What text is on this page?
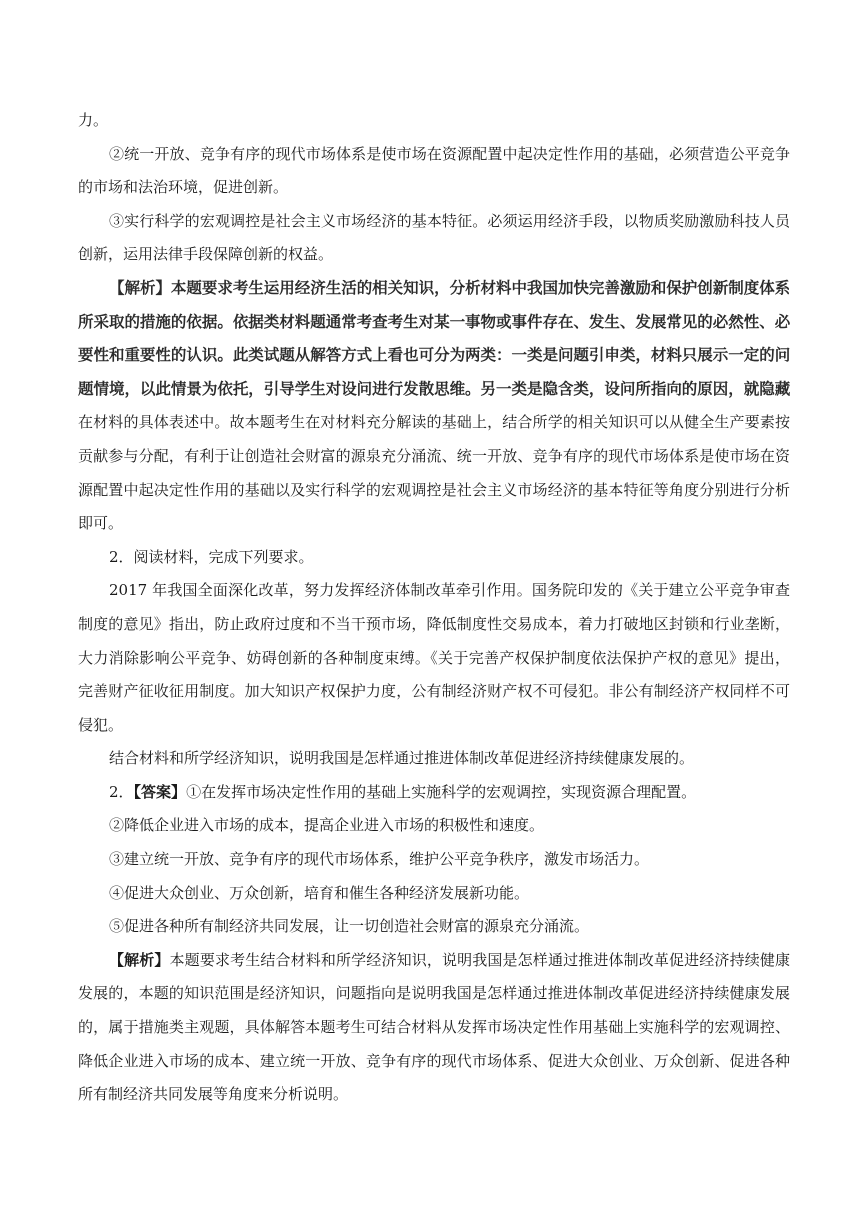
力。

②统一开放、竞争有序的现代市场体系是使市场在资源配置中起决定性作用的基础，必须营造公平竞争的市场和法治环境，促进创新。

③实行科学的宏观调控是社会主义市场经济的基本特征。必须运用经济手段，以物质奖励激励科技人员创新，运用法律手段保障创新的权益。

【解析】本题要求考生运用经济生活的相关知识，分析材料中我国加快完善激励和保护创新制度体系所采取的措施的依据。依据类材料题通常考查考生对某一事物或事件存在、发生、发展常见的必然性、必要性和重要性的认识。此类试题从解答方式上看也可分为两类：一类是问题引申类，材料只展示一定的问题情境，以此情景为依托，引导学生对设问进行发散思维。另一类是隐含类，设问所指向的原因，就隐藏在材料的具体表述中。故本题考生在对材料充分解读的基础上，结合所学的相关知识可以从健全生产要素按贡献参与分配，有利于让创造社会财富的源泉充分涌流、统一开放、竞争有序的现代市场体系是使市场在资源配置中起决定性作用的基础以及实行科学的宏观调控是社会主义市场经济的基本特征等角度分别进行分析即可。

2．阅读材料，完成下列要求。

2017 年我国全面深化改革，努力发挥经济体制改革牵引作用。国务院印发的《关于建立公平竞争审查制度的意见》指出，防止政府过度和不当干预市场，降低制度性交易成本，着力打破地区封锁和行业垄断，大力消除影响公平竞争、妨碍创新的各种制度束缚。《关于完善产权保护制度依法保护产权的意见》提出，完善财产征收征用制度。加大知识产权保护力度，公有制经济财产权不可侵犯。非公有制经济产权同样不可侵犯。

结合材料和所学经济知识，说明我国是怎样通过推进体制改革促进经济持续健康发展的。

2．【答案】①在发挥市场决定性作用的基础上实施科学的宏观调控，实现资源合理配置。

②降低企业进入市场的成本，提高企业进入市场的积极性和速度。

③建立统一开放、竞争有序的现代市场体系，维护公平竞争秩序，激发市场活力。

④促进大众创业、万众创新，培育和催生各种经济发展新功能。

⑤促进各种所有制经济共同发展，让一切创造社会财富的源泉充分涌流。

【解析】本题要求考生结合材料和所学经济知识，说明我国是怎样通过推进体制改革促进经济持续健康发展的，本题的知识范围是经济知识，问题指向是说明我国是怎样通过推进体制改革促进经济持续健康发展的，属于措施类主观题，具体解答本题考生可结合材料从发挥市场决定性作用基础上实施科学的宏观调控、降低企业进入市场的成本、建立统一开放、竞争有序的现代市场体系、促进大众创业、万众创新、促进各种所有制经济共同发展等角度来分析说明。
